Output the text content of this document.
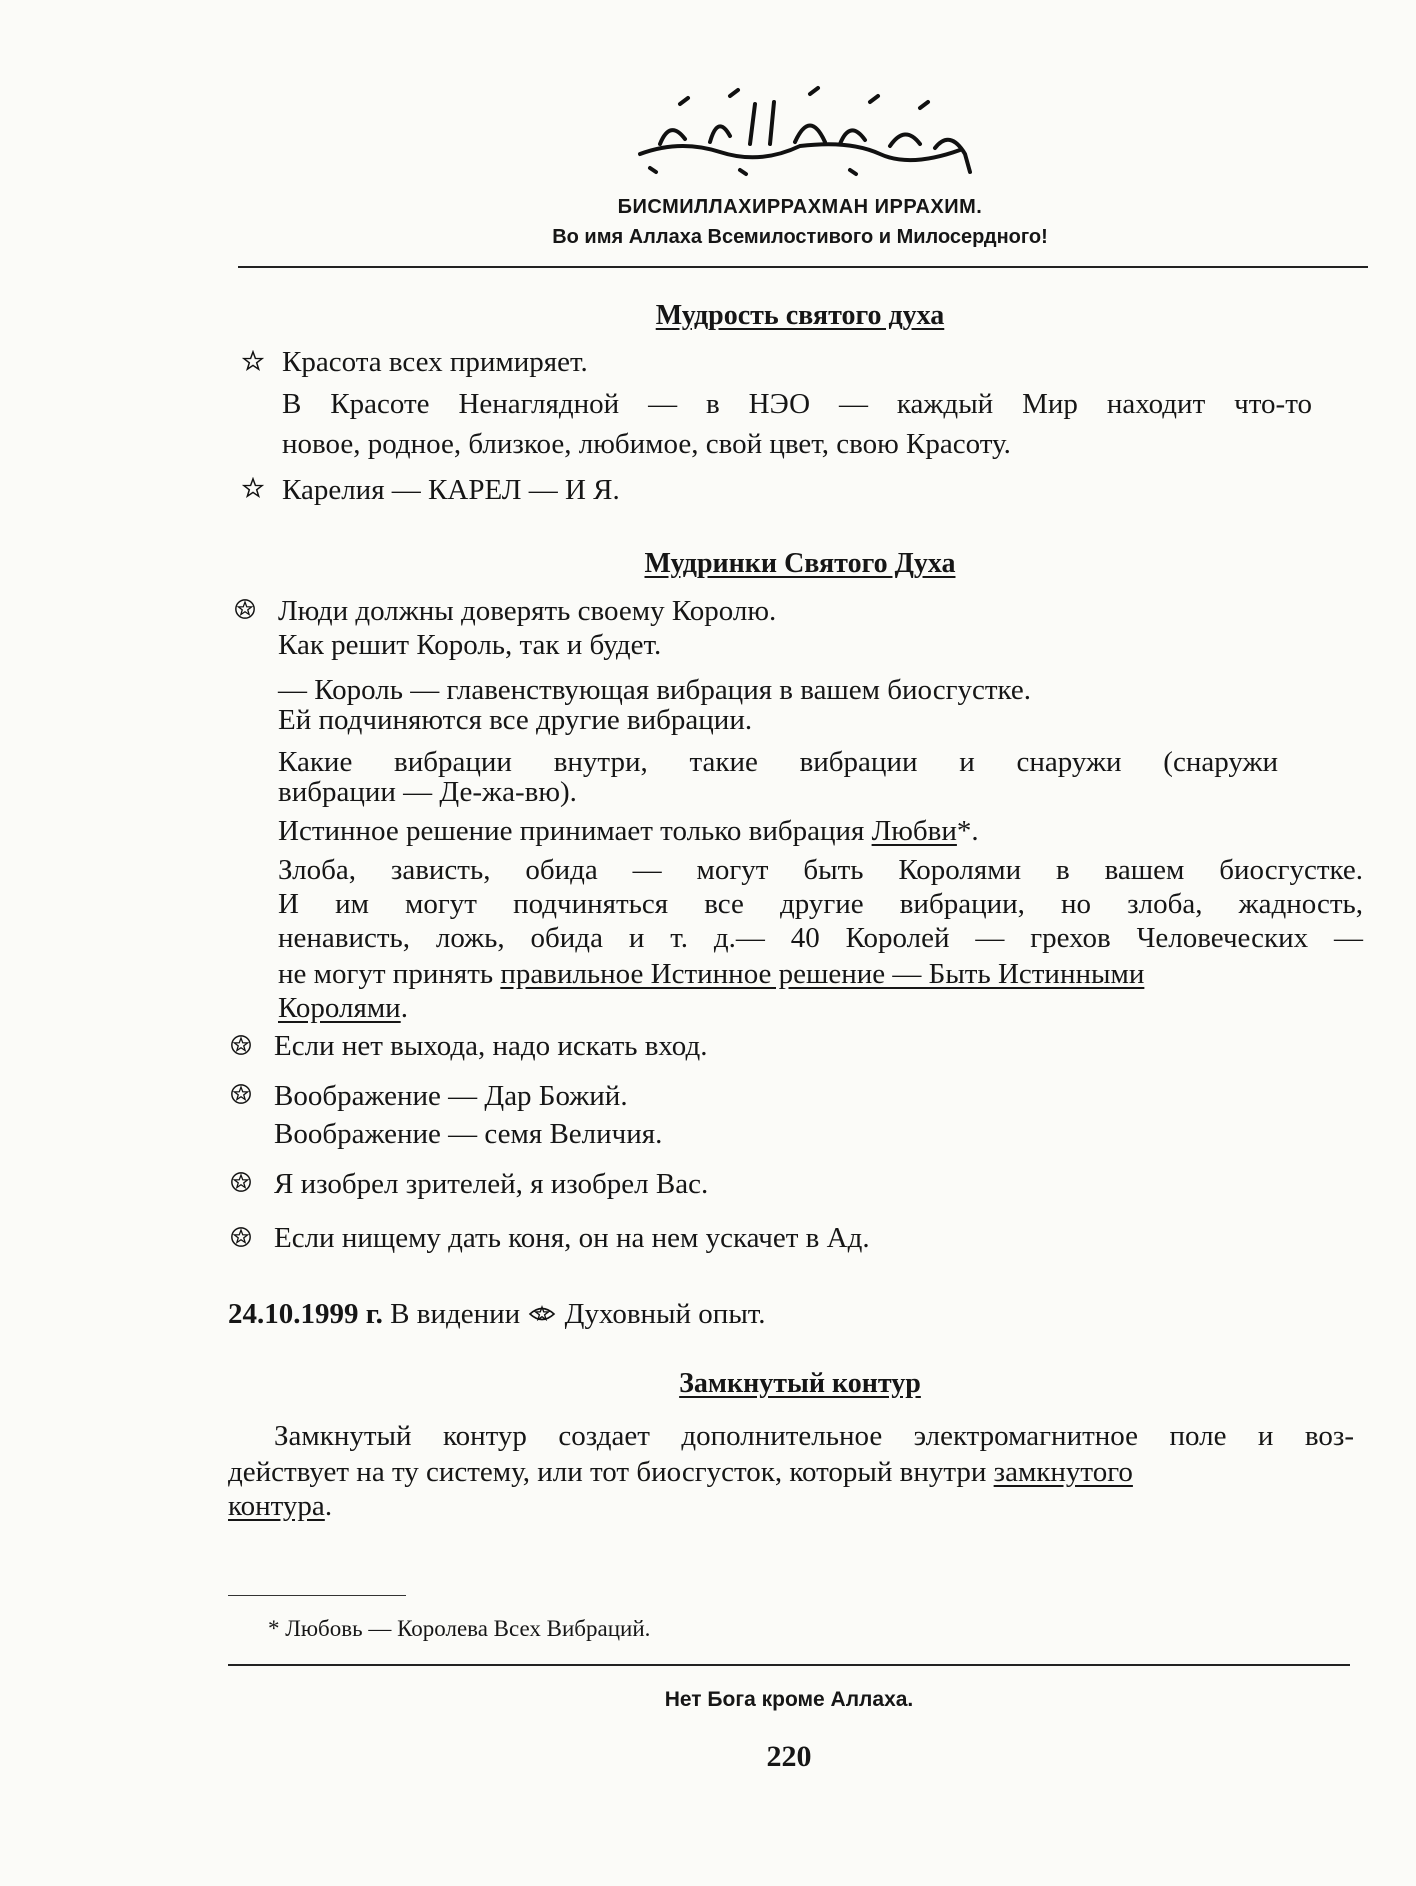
БИСМИЛЛАХИРРАХМАН ИРРАХИМ.
Во имя Аллаха Всемилостивого и Милосердного!
Мудрость святого духа
Красота всех примиряет.
В Красоте Ненаглядной — в НЭО — каждый Мир находит что-то
новое, родное, близкое, любимое, свой цвет, свою Красоту.
Карелия — КАРЕЛ — И Я.
Мудринки Святого Духа
Люди должны доверять своему Королю.
Как решит Король, так и будет.
— Король — главенствующая вибрация в вашем биосгустке.
Ей подчиняются все другие вибрации.
Какие вибрации внутри, такие вибрации и снаружи (снаружи
вибрации — Де-жа-вю).
Истинное решение принимает только вибрация Любви*.
Злоба, зависть, обида — могут быть Королями в вашем биосгустке.
И им могут подчиняться все другие вибрации, но злоба, жадность,
ненависть, ложь, обида и т. д.— 40 Королей — грехов Человеческих —
не могут принять правильное Истинное решение — Быть Истинными
Королями.
Если нет выхода, надо искать вход.
Воображение — Дар Божий.
Воображение — семя Величия.
Я изобрел зрителей, я изобрел Вас.
Если нищему дать коня, он на нем ускачет в Ад.
24.10.1999 г. В видении Духовный опыт.
Замкнутый контур
Замкнутый контур создает дополнительное электромагнитное поле и воз-
действует на ту систему, или тот биосгусток, который внутри замкнутого
контура.
* Любовь — Королева Всех Вибраций.
Нет Бога кроме Аллаха.
220
